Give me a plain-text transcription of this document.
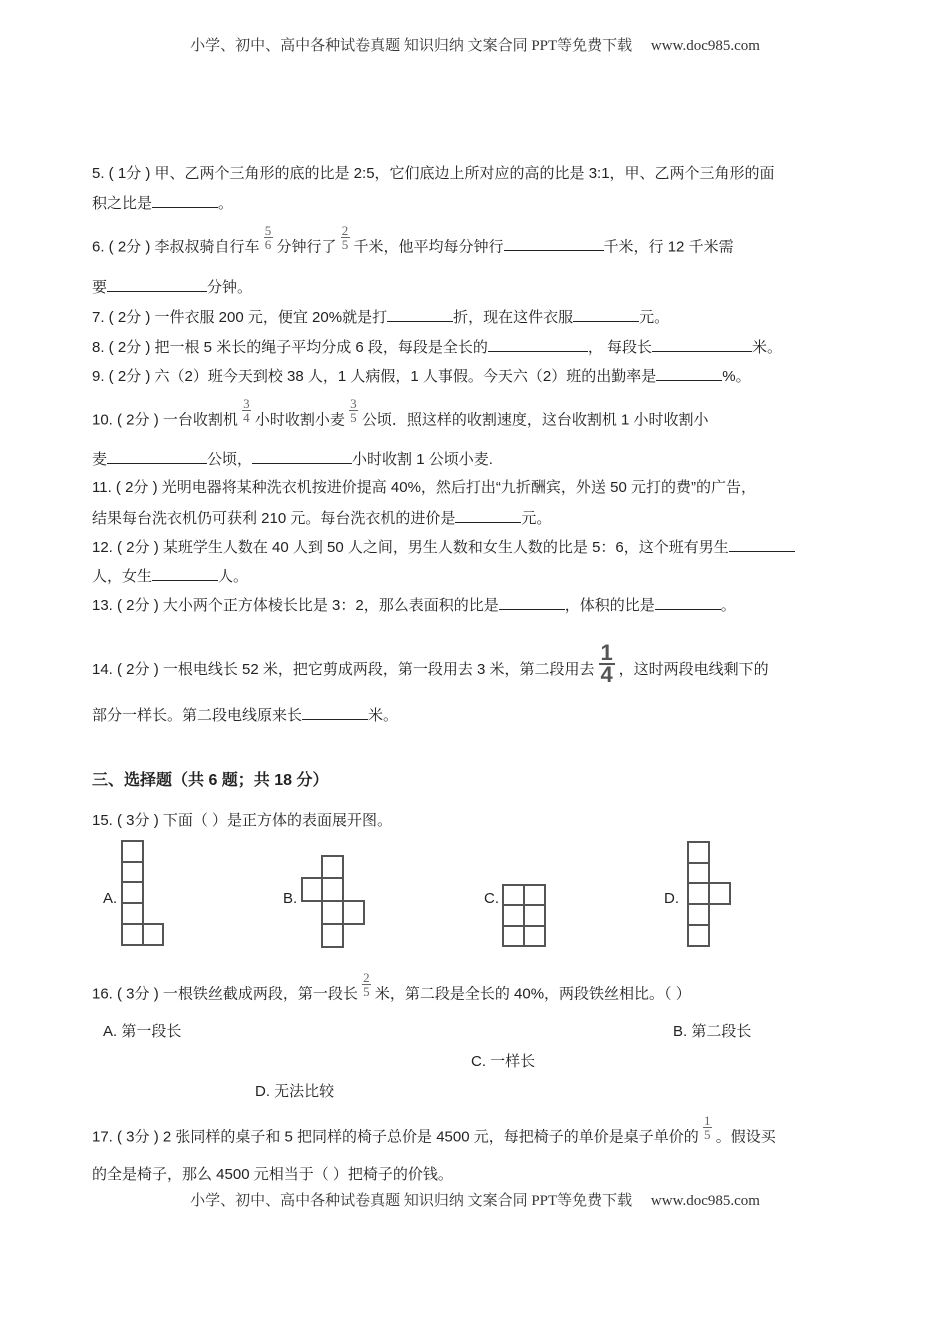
小学、初中、高中各种试卷真题 知识归纳 文案合同 PPT等免费下载 www.doc985.com
5. ( 1分 ) 甲、乙两个三角形的底的比是 2:5，它们底边上所对应的高的比是 3:1，甲、乙两个三角形的面
积之比是	。
6. ( 2分 ) 李叔叔骑自行车 $\frac{5}{6}$ 分钟行了 $\frac{2}{5}$ 千米，他平均每分钟行	千米，行 12 千米需
要	分钟。
7. ( 2分 ) 一件衣服 200 元，便宜 20%就是打	折，现在这件衣服	元。
8. ( 2分 ) 把一根 5 米长的绳子平均分成 6 段，每段是全长的	， 每段长	米。
9. ( 2分 ) 六（2）班今天到校 38 人，1 人病假，1 人事假。今天六（2）班的出勤率是	%。
10. ( 2分 ) 一台收割机 $\frac{3}{4}$ 小时收割小麦 $\frac{3}{5}$ 公顷．照这样的收割速度，这台收割机 1 小时收割小
麦	公顷，	小时收割 1 公顷小麦.
11. ( 2分 ) 光明电器将某种洗衣机按进价提高 40%，然后打出“九折酬宾，外送 50 元打的费”的广告，
结果每台洗衣机仍可获利 210 元。每台洗衣机的进价是	元。
12. ( 2分 ) 某班学生人数在 40 人到 50 人之间，男生人数和女生人数的比是 5：6，这个班有男生
人，女生	人。
13. ( 2分 ) 大小两个正方体棱长比是 3：2，那么表面积的比是	，体积的比是	。
14. ( 2分 ) 一根电线长 52 米，把它剪成两段，第一段用去 3 米，第二段用去 $\frac{1}{4}$ ，这时两段电线剩下的
部分一样长。第二段电线原来长	米。
三、选择题（共 6 题；共 18 分）
15. ( 3分 ) 下面（ ）是正方体的表面展开图。
A.	B.	C.	D.
16. ( 3分 ) 一根铁丝截成两段，第一段长 $\frac{2}{5}$ 米，第二段是全长的 40%，两段铁丝相比。（ ）
A. 第一段长	B. 第二段长
C. 一样长
D. 无法比较
17. ( 3分 ) 2 张同样的桌子和 5 把同样的椅子总价是 4500 元，每把椅子的单价是桌子单价的 $\frac{1}{5}$ 。假设买
的全是椅子，那么 4500 元相当于（ ）把椅子的价钱。
小学、初中、高中各种试卷真题 知识归纳 文案合同 PPT等免费下载 www.doc985.com
